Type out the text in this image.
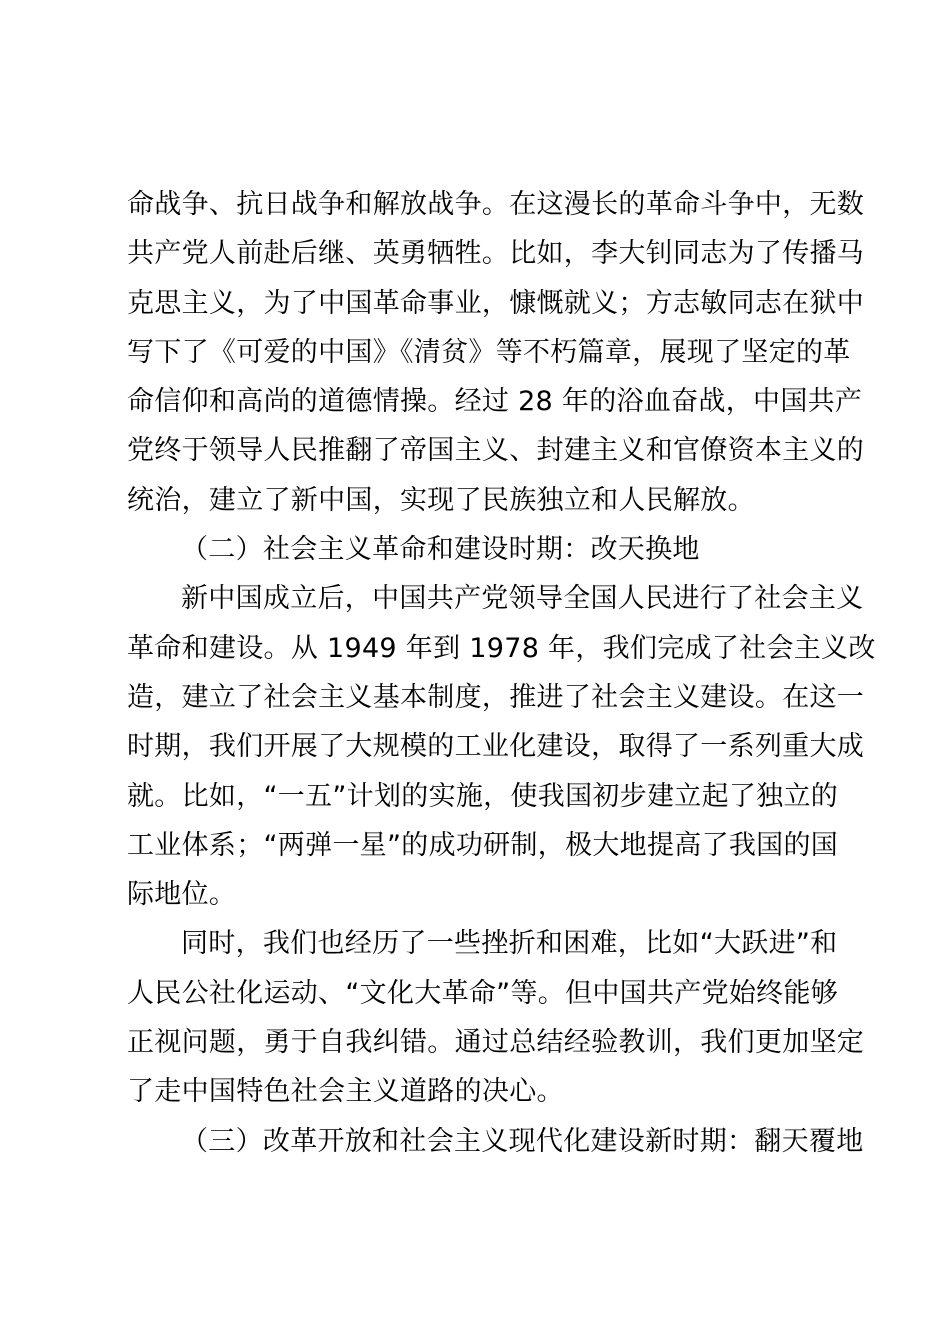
命战争、抗日战争和解放战争。在这漫长的革命斗争中，无数
共产党人前赴后继、英勇牺牲。比如，李大钊同志为了传播马
克思主义，为了中国革命事业，慷慨就义；方志敏同志在狱中
写下了《可爱的中国》《清贫》等不朽篇章，展现了坚定的革
命信仰和高尚的道德情操。经过 28 年的浴血奋战，中国共产
党终于领导人民推翻了帝国主义、封建主义和官僚资本主义的
统治，建立了新中国，实现了民族独立和人民解放。
（二）社会主义革命和建设时期：改天换地
新中国成立后，中国共产党领导全国人民进行了社会主义
革命和建设。从 1949 年到 1978 年，我们完成了社会主义改
造，建立了社会主义基本制度，推进了社会主义建设。在这一
时期，我们开展了大规模的工业化建设，取得了一系列重大成
就。比如，“一五”计划的实施，使我国初步建立起了独立的
工业体系；“两弹一星”的成功研制，极大地提高了我国的国
际地位。
同时，我们也经历了一些挫折和困难，比如“大跃进”和
人民公社化运动、“文化大革命”等。但中国共产党始终能够
正视问题，勇于自我纠错。通过总结经验教训，我们更加坚定
了走中国特色社会主义道路的决心。
（三）改革开放和社会主义现代化建设新时期：翻天覆地
